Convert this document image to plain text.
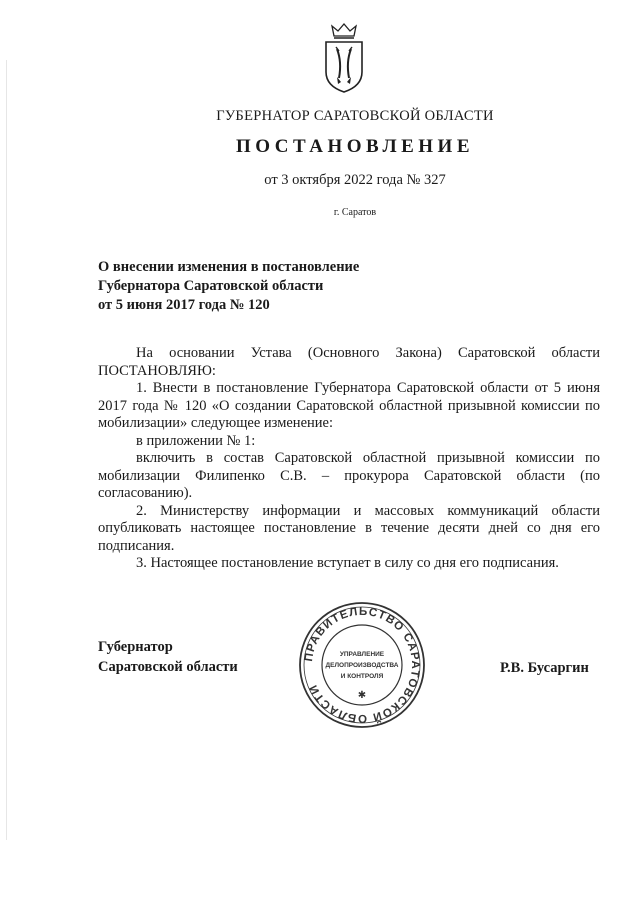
ГУБЕРНАТОР САРАТОВСКОЙ ОБЛАСТИ
ПОСТАНОВЛЕНИЕ
от 3 октября 2022 года № 327
г. Саратов
О внесении изменения в постановление
Губернатора Саратовской области
от 5 июня 2017 года № 120

На основании Устава (Основного Закона) Саратовской области ПОСТАНОВЛЯЮ:

1. Внести в постановление Губернатора Саратовской области от 5 июня 2017 года № 120 «О создании Саратовской областной призывной комиссии по мобилизации» следующее изменение:

в приложении № 1:

включить в состав Саратовской областной призывной комиссии по мобилизации Филипенко С.В. – прокурора Саратовской области (по согласованию).

2. Министерству информации и массовых коммуникаций области опубликовать настоящее постановление в течение десяти дней со дня его подписания.

3. Настоящее постановление вступает в силу со дня его подписания.

Губернатор
Саратовской области
ПРАВИТЕЛЬСТВО САРАТОВСКОЙ ОБЛАСТИ
УПРАВЛЕНИЕ
ДЕЛОПРОИЗВОДСТВА
И КОНТРОЛЯ
✱
Р.В. Бусаргин
